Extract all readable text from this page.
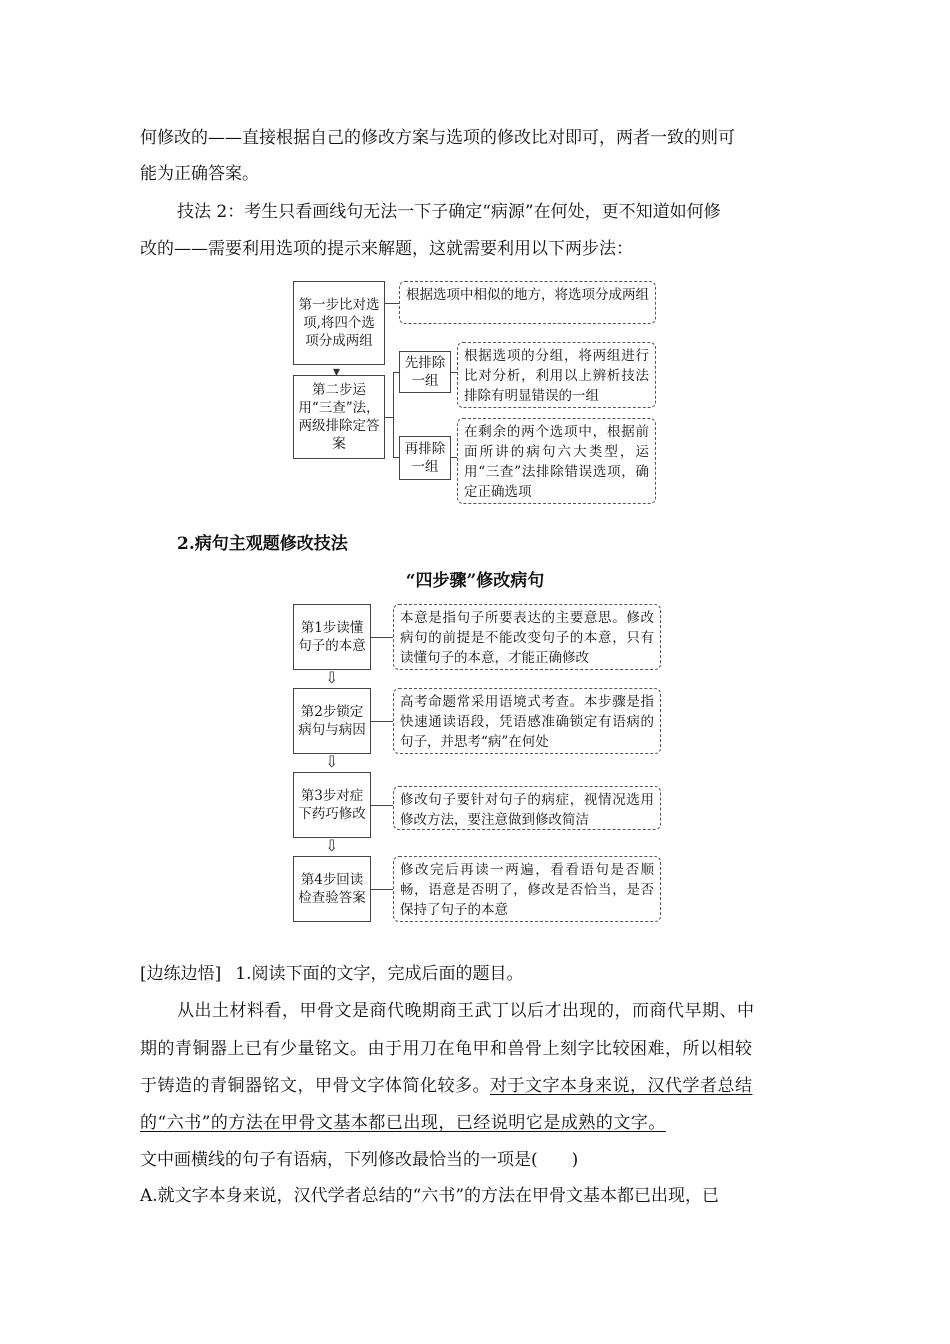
何修改的——直接根据自己的修改方案与选项的修改比对即可，两者一致的则可
能为正确答案。
技法 2：考生只看画线句无法一下子确定“病源”在何处，更不知道如何修
改的——需要利用选项的提示来解题，这就需要利用以下两步法：
第一步比对选项,将四个选项分成两组
根据选项中相似的地方，将选项分成两组
▾
第二步运用“三查”法，两级排除定答案
先排除一组
根据选项的分组，将两组进行比对分析，利用以上辨析技法排除有明显错误的一组
再排除一组
在剩余的两个选项中，根据前面所讲的病句六大类型，运用“三查”法排除错误选项，确定正确选项
2.病句主观题修改技法
“四步骤”修改病句
第1步读懂句子的本意
本意是指句子所要表达的主要意思。修改病句的前提是不能改变句子的本意，只有读懂句子的本意，才能正确修改
⇩
第2步锁定病句与病因
高考命题常采用语境式考查。本步骤是指快速通读语段，凭语感准确锁定有语病的句子，并思考“病”在何处
⇩
第3步对症下药巧修改
修改句子要针对句子的病症，视情况选用修改方法，要注意做到修改简洁
⇩
第4步回读检查验答案
修改完后再读一两遍，看看语句是否顺畅，语意是否明了，修改是否恰当，是否保持了句子的本意
[边练边悟] 1.阅读下面的文字，完成后面的题目。
从出土材料看，甲骨文是商代晚期商王武丁以后才出现的，而商代早期、中
期的青铜器上已有少量铭文。由于用刀在龟甲和兽骨上刻字比较困难，所以相较
于铸造的青铜器铭文，甲骨文字体简化较多。对于文字本身来说，汉代学者总结
的“六书”的方法在甲骨文基本都已出现，已经说明它是成熟的文字。
文中画横线的句子有语病，下列修改最恰当的一项是(　　)
A.就文字本身来说，汉代学者总结的“六书”的方法在甲骨文基本都已出现，已
